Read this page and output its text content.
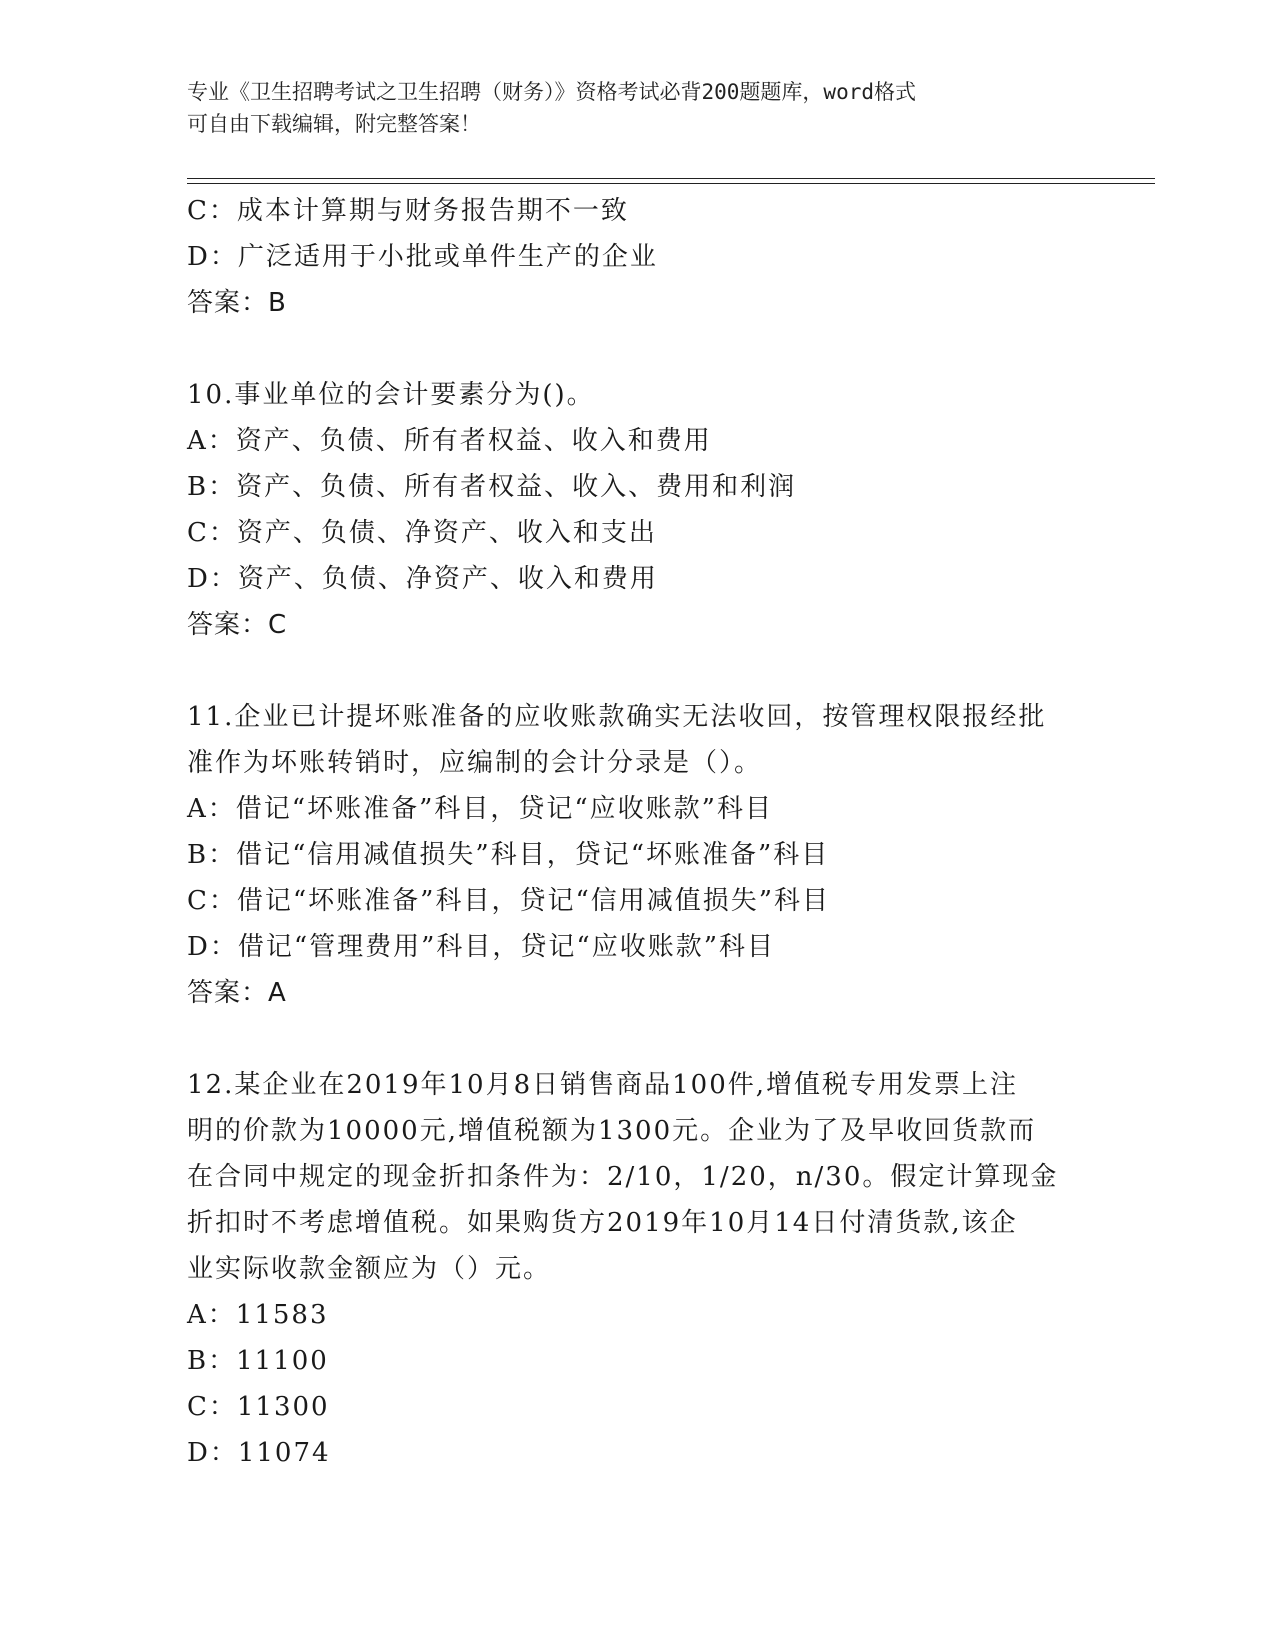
专业《卫生招聘考试之卫生招聘（财务）》资格考试必背200题题库，word格式
可自由下载编辑，附完整答案！
C：成本计算期与财务报告期不一致
D：广泛适用于小批或单件生产的企业
答案：B
10.事业单位的会计要素分为()。
A：资产、负债、所有者权益、收入和费用
B：资产、负债、所有者权益、收入、费用和利润
C：资产、负债、净资产、收入和支出
D：资产、负债、净资产、收入和费用
答案：C
11.企业已计提坏账准备的应收账款确实无法收回，按管理权限报经批
准作为坏账转销时，应编制的会计分录是（）。
A：借记“坏账准备”科目，贷记“应收账款”科目
B：借记“信用减值损失”科目，贷记“坏账准备”科目
C：借记“坏账准备”科目，贷记“信用减值损失”科目
D：借记“管理费用”科目，贷记“应收账款”科目
答案：A
12.某企业在2019年10月8日销售商品100件,增值税专用发票上注
明的价款为10000元,增值税额为1300元。企业为了及早收回货款而
在合同中规定的现金折扣条件为：2/10，1/20，n/30。假定计算现金
折扣时不考虑增值税。如果购货方2019年10月14日付清货款,该企
业实际收款金额应为（）元。
A：11583
B：11100
C：11300
D：11074
